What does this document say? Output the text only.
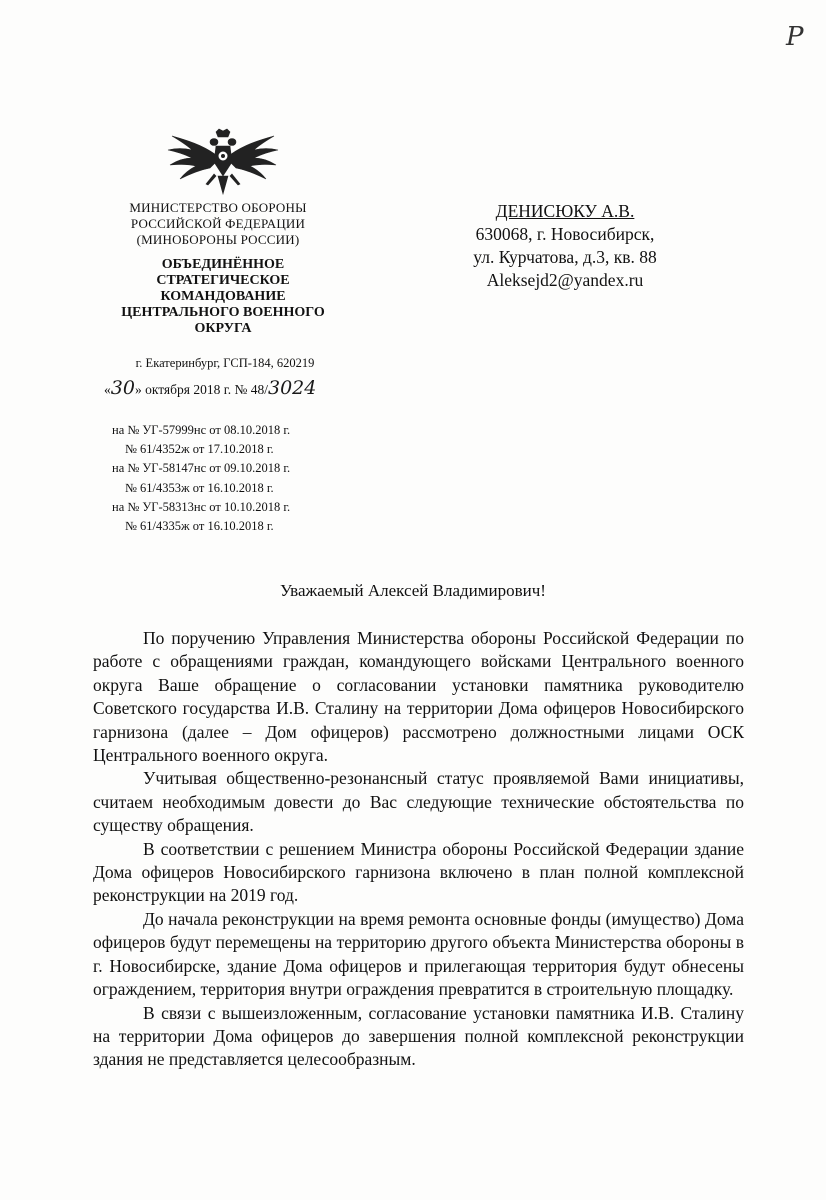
Р
МИНИСТЕРСТВО ОБОРОНЫ
РОССИЙСКОЙ ФЕДЕРАЦИИ
(МИНОБОРОНЫ РОССИИ)
ОБЪЕДИНЁННОЕ
СТРАТЕГИЧЕСКОЕ
КОМАНДОВАНИЕ
ЦЕНТРАЛЬНОГО ВОЕННОГО
ОКРУГА
г. Екатеринбург, ГСП-184, 620219
«30» октября 2018 г. № 48/3024
на № УГ-57999нс от 08.10.2018 г.
№ 61/4352ж от 17.10.2018 г.
на № УГ-58147нс от 09.10.2018 г.
№ 61/4353ж от 16.10.2018 г.
на № УГ-58313нс от 10.10.2018 г.
№ 61/4335ж от 16.10.2018 г.
ДЕНИСЮКУ А.В.
630068, г. Новосибирск,
ул. Курчатова, д.3, кв. 88
Aleksejd2@yandex.ru
Уважаемый Алексей Владимирович!

По поручению Управления Министерства обороны Российской Федерации по работе с обращениями граждан, командующего войсками Центрального военного округа Ваше обращение о согласовании установки памятника руководителю Советского государства И.В. Сталину на территории Дома офицеров Новосибирского гарнизона (далее – Дом офицеров) рассмотрено должностными лицами ОСК Центрального военного округа.

Учитывая общественно-резонансный статус проявляемой Вами инициативы, считаем необходимым довести до Вас следующие технические обстоятельства по существу обращения.

В соответствии с решением Министра обороны Российской Федерации здание Дома офицеров Новосибирского гарнизона включено в план полной комплексной реконструкции на 2019 год.

До начала реконструкции на время ремонта основные фонды (имущество) Дома офицеров будут перемещены на территорию другого объекта Министерства обороны в г. Новосибирске, здание Дома офицеров и прилегающая территория будут обнесены ограждением, территория внутри ограждения превратится в строительную площадку.

В связи с вышеизложенным, согласование установки памятника И.В. Сталину на территории Дома офицеров до завершения полной комплексной реконструкции здания не представляется целесообразным.
